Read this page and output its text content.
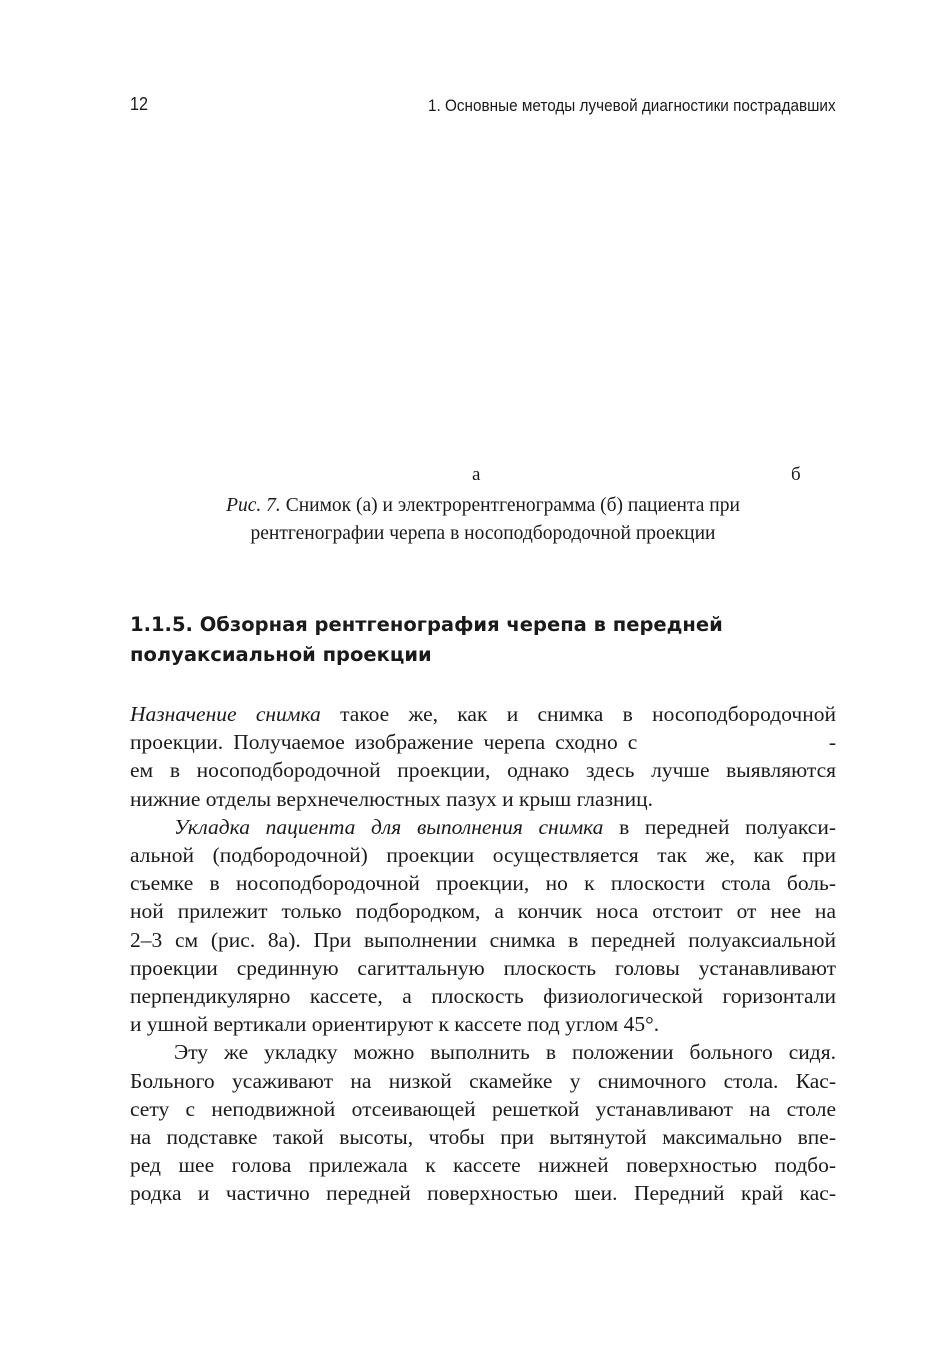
12	1. Основные методы лучевой диагностики пострадавших
а	б
Рис. 7. Снимок (а) и электрорентгенограмма (б) пациента при
рентгенографии черепа в носоподбородочной проекции
1.1.5. Обзорная рентгенография черепа в передней
полуаксиальной проекции

Назначение снимка такое же, как и снимка в носоподбородочной
проекции. Получаемое изображение черепа сходно с                   -
ем в носоподбородочной проекции, однако здесь лучше выявляются
нижние отделы верхнечелюстных пазух и крыш глазниц.

Укладка пациента для выполнения снимка в передней полуакси-
альной (подбородочной) проекции осуществляется так же, как при
съемке в носоподбородочной проекции, но к плоскости стола боль-
ной прилежит только подбородком, а кончик носа отстоит от нее на
2–3 см (рис. 8а). При выполнении снимка в передней полуаксиальной
проекции срединную сагиттальную плоскость головы устанавливают
перпендикулярно кассете, а плоскость физиологической горизонтали
и ушной вертикали ориентируют к кассете под углом 45°.

Эту же укладку можно выполнить в положении больного сидя.
Больного усаживают на низкой скамейке у снимочного стола. Кас-
сету с неподвижной отсеивающей решеткой устанавливают на столе
на подставке такой высоты, чтобы при вытянутой максимально впе-
ред шее голова прилежала к кассете нижней поверхностью подбо-
родка и частично передней поверхностью шеи. Передний край кас-
